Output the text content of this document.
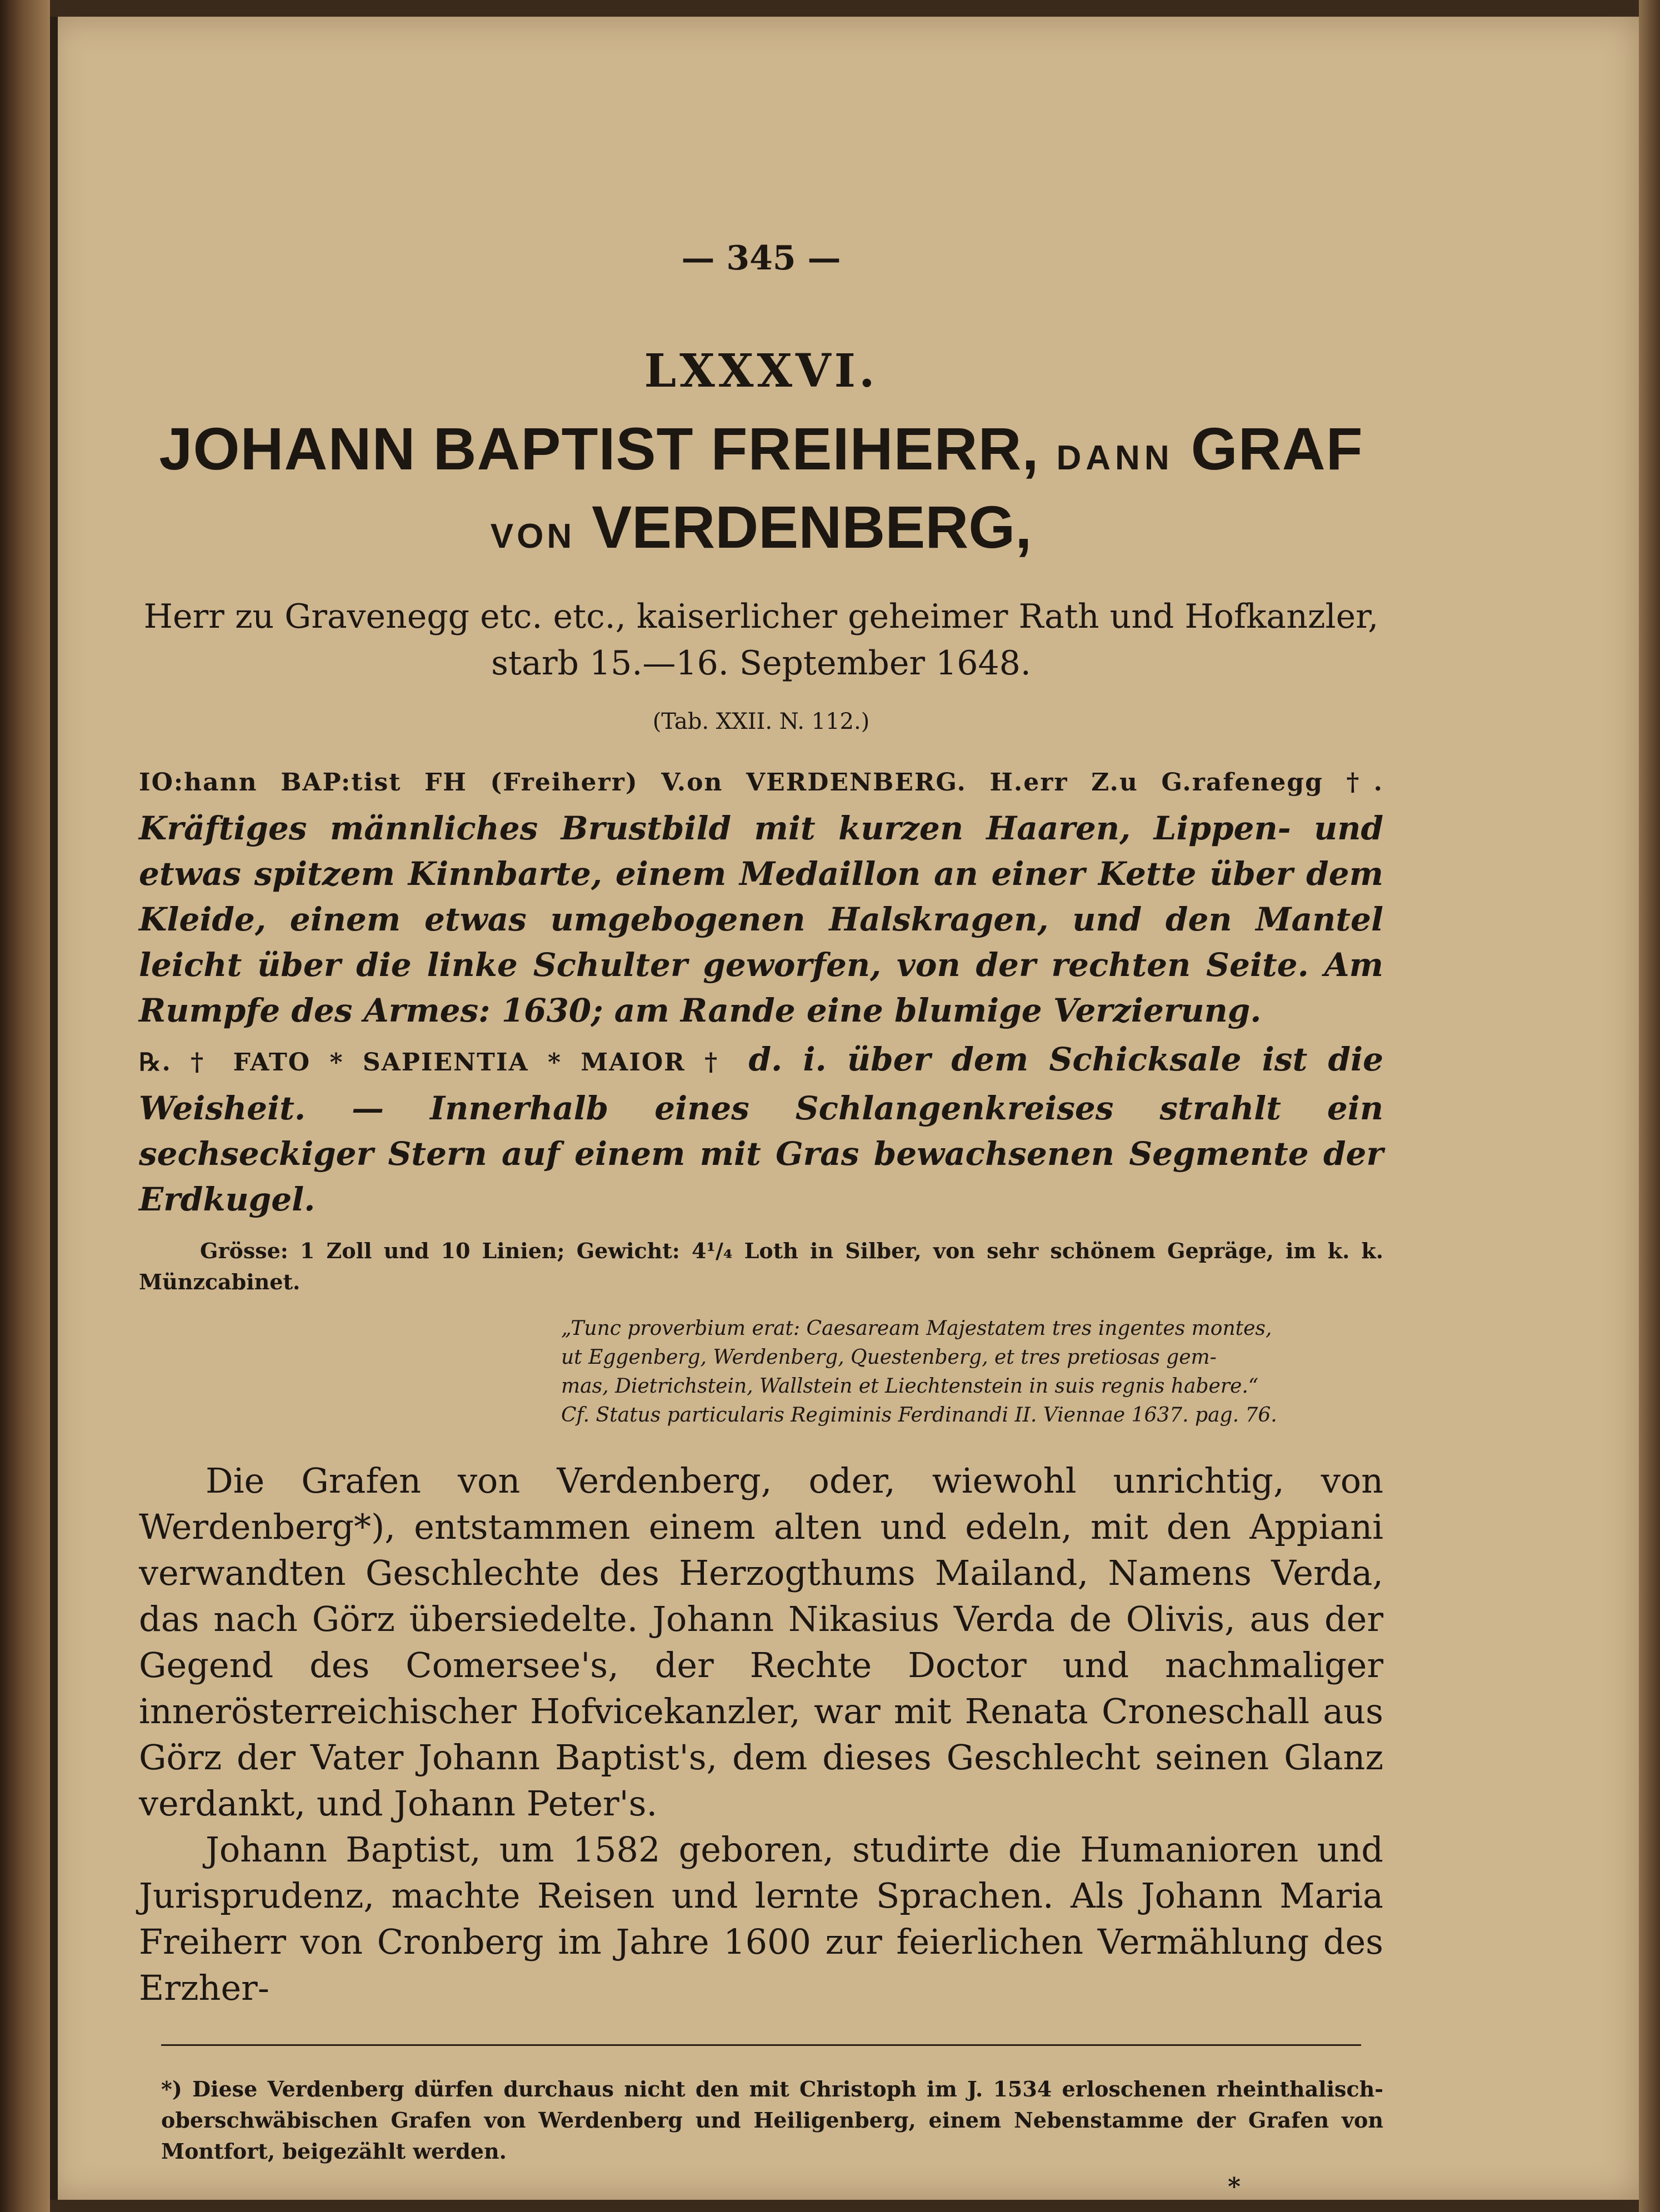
— 345 —
LXXXVI.
JOHANN BAPTIST FREIHERR, DANN GRAF
VON VERDENBERG,
Herr zu Gravenegg etc. etc., kaiserlicher geheimer Rath und Hofkanzler,
starb 15.—16. September 1648.
(Tab. XXII. N. 112.)
IO:hann BAP:tist FH (Freiherr) V.on VERDENBERG. H.err Z.u G.rafenegg †. Kräftiges männliches Brustbild mit kurzen Haaren, Lippen- und etwas spitzem Kinnbarte, einem Medaillon an einer Kette über dem Kleide, einem etwas umgebogenen Halskragen, und den Mantel leicht über die linke Schulter geworfen, von der rechten Seite. Am Rumpfe des Armes: 1630; am Rande eine blumige Verzierung.
℞. † FATO * SAPIENTIA * MAIOR † d. i. über dem Schicksale ist die Weisheit. — Innerhalb eines Schlangenkreises strahlt ein sechseckiger Stern auf einem mit Gras bewachsenen Segmente der Erdkugel.
Grösse: 1 Zoll und 10 Linien; Gewicht: 4¹/₄ Loth in Silber, von sehr schönem Gepräge, im k. k. Münzcabinet.
„Tunc proverbium erat: Caesaream Majestatem tres ingentes montes,
ut Eggenberg, Werdenberg, Questenberg, et tres pretiosas gem-
mas, Dietrichstein, Wallstein et Liechtenstein in suis regnis habere.“
Cf. Status particularis Regiminis Ferdinandi II. Viennae 1637. pag. 76.

Die Grafen von Verdenberg, oder, wiewohl unrichtig, von Werdenberg*), entstammen einem alten und edeln, mit den Appiani verwandten Geschlechte des Herzogthums Mailand, Namens Verda, das nach Görz übersiedelte. Johann Nikasius Verda de Olivis, aus der Gegend des Comersee's, der Rechte Doctor und nachmaliger innerösterreichischer Hofvicekanzler, war mit Renata Croneschall aus Görz der Vater Johann Baptist's, dem dieses Geschlecht seinen Glanz verdankt, und Johann Peter's.

Johann Baptist, um 1582 geboren, studirte die Humanioren und Jurisprudenz, machte Reisen und lernte Sprachen. Als Johann Maria Freiherr von Cronberg im Jahre 1600 zur feierlichen Vermählung des Erzher-

*) Diese Verdenberg dürfen durchaus nicht den mit Christoph im J. 1534 erloschenen rheinthalisch-oberschwäbischen Grafen von Werdenberg und Heiligenberg, einem Nebenstamme der Grafen von Montfort, beigezählt werden.
*
